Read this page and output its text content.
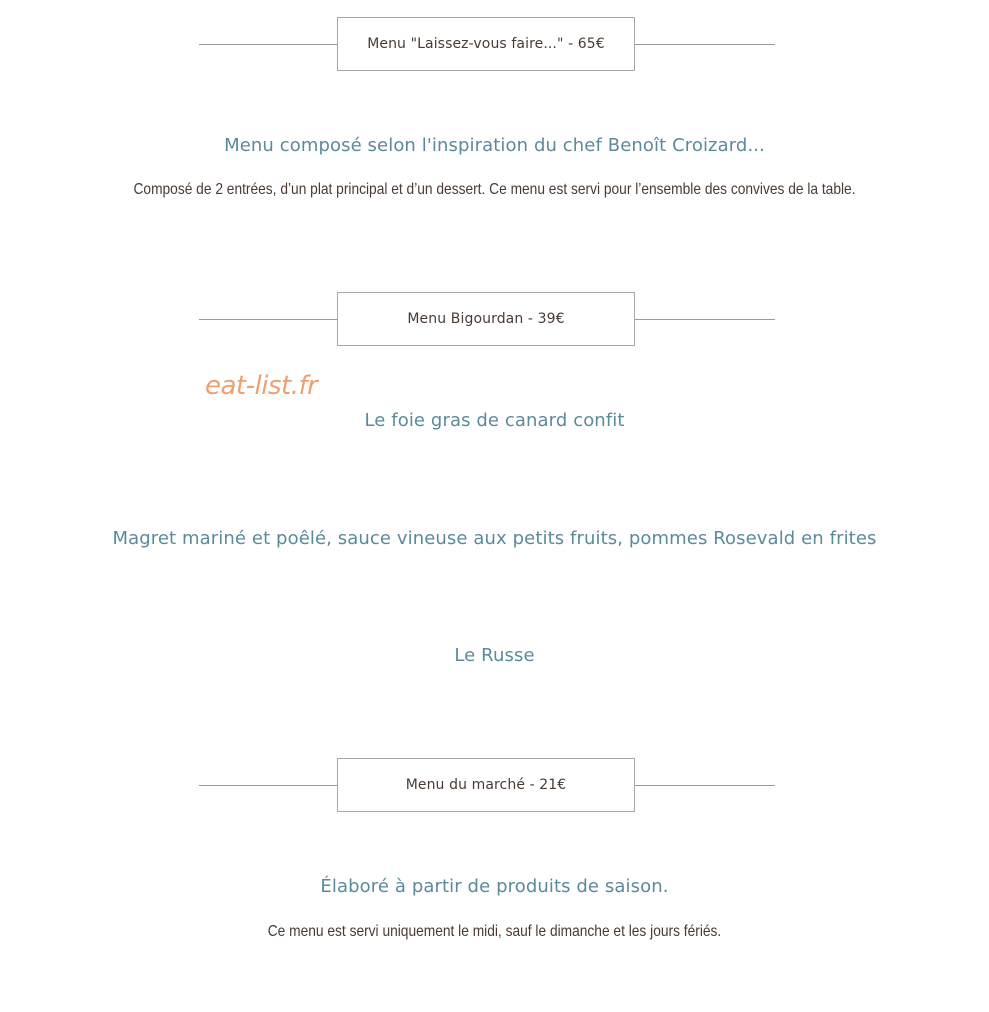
Menu "Laissez-vous faire..." - 65€
Menu composé selon l'inspiration du chef Benoît Croizard...
Composé de 2 entrées, d’un plat principal et d’un dessert. Ce menu est servi pour l’ensemble des convives de la table.
Menu Bigourdan - 39€
eat-list.fr
Le foie gras de canard confit
Magret mariné et poêlé, sauce vineuse aux petits fruits, pommes Rosevald en frites
Le Russe
Menu du marché - 21€
Élaboré à partir de produits de saison.
Ce menu est servi uniquement le midi, sauf le dimanche et les jours fériés.
